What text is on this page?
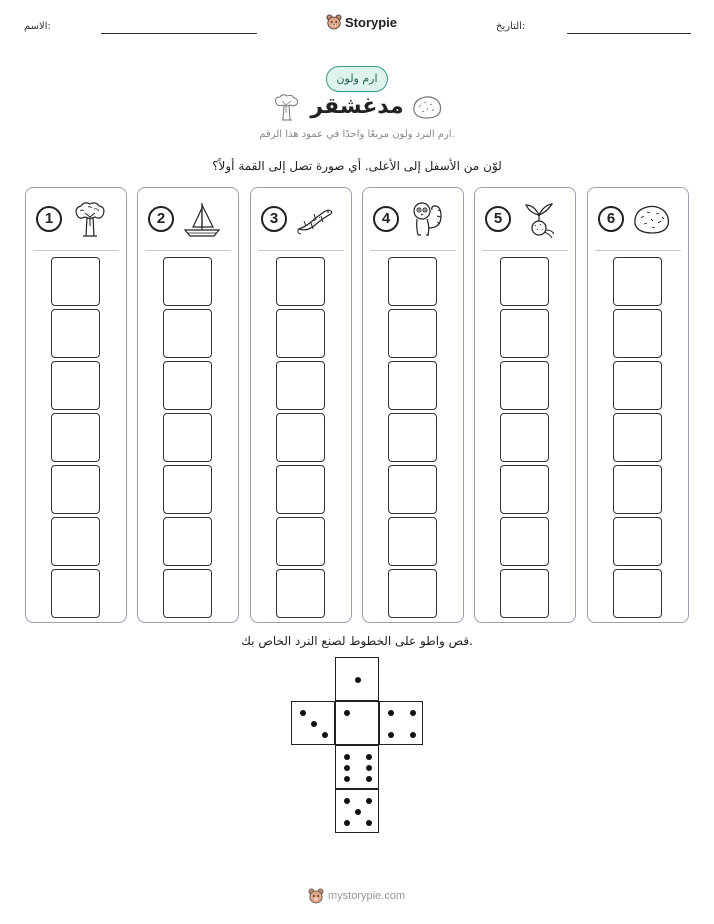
التاريخ:
الاسم:	Storypie
ارم ولون
مدغشقر
ارم النرد ولون مربعًا واحدًا في عمود هذا الرقم.
لوّن من الأسفل إلى الأعلى. أي صورة تصل إلى القمة أولاً؟
1	2	3	4	5	6
قص واطو على الخطوط لصنع النرد الخاص بك.
mystorypie.com
